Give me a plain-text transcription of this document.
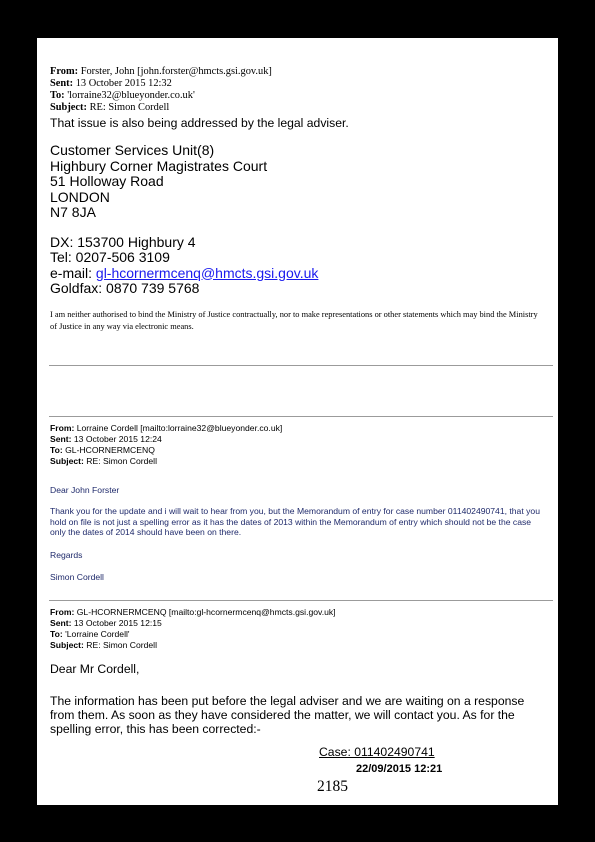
From: Forster, John [john.forster@hmcts.gsi.gov.uk]
Sent: 13 October 2015 12:32
To: 'lorraine32@blueyonder.co.uk'
Subject: RE: Simon Cordell
That issue is also being addressed by the legal adviser.
Customer Services Unit(8)
Highbury Corner Magistrates Court
51 Holloway Road
LONDON
N7 8JA
DX: 153700 Highbury 4
Tel: 0207-506 3109
e-mail: gl-hcornermcenq@hmcts.gsi.gov.uk
Goldfax: 0870 739 5768
I am neither authorised to bind the Ministry of Justice contractually, nor to make representations or other statements which may bind the Ministry of Justice in any way via electronic means.
From: Lorraine Cordell [mailto:lorraine32@blueyonder.co.uk]
Sent: 13 October 2015 12:24
To: GL-HCORNERMCENQ
Subject: RE: Simon Cordell
Dear John Forster
Thank you for the update and i will wait to hear from you, but the Memorandum of entry for case number 01140249074​1, that you hold on file is not just a spelling error as it has the dates of 2013 within the Memorandum of entry which should not be the case only the dates of 2014 should have been on there.
Regards
Simon Cordell
From: GL-HCORNERMCENQ [mailto:gl-hcornermcenq@hmcts.gsi.gov.uk]
Sent: 13 October 2015 12:15
To: 'Lorraine Cordell'
Subject: RE: Simon Cordell
Dear Mr Cordell,
The information has been put before the legal adviser and we are waiting on a response from them. As soon as they have considered the matter, we will contact you. As for the spelling error, this has been corrected:-
Case: 011402490741
22/09/2015 12:21
2185
